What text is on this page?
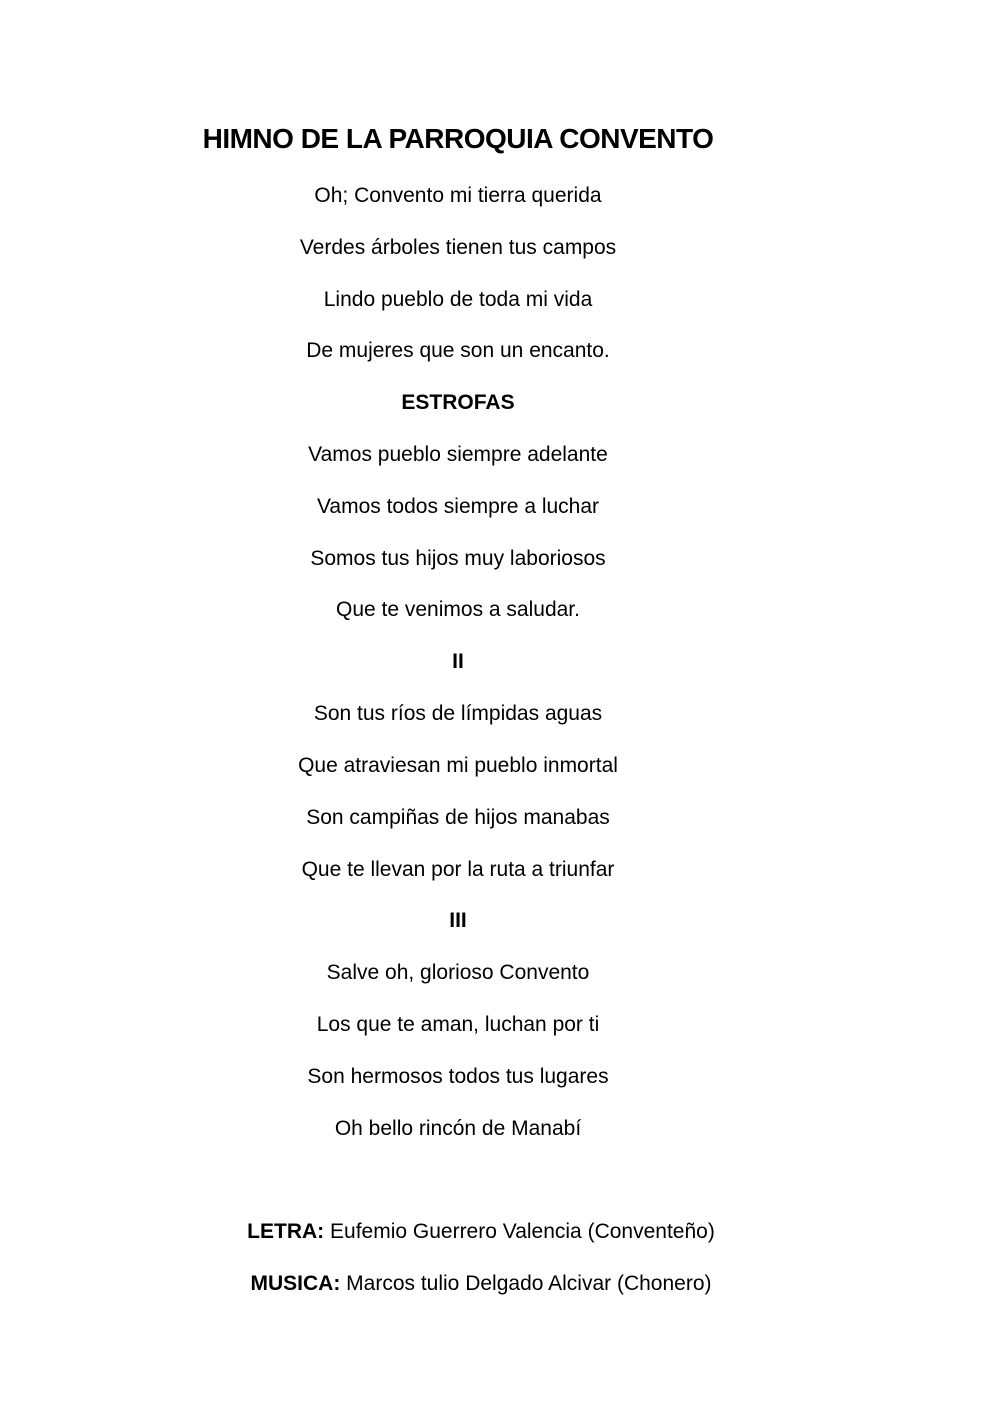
HIMNO DE LA PARROQUIA CONVENTO
Oh; Convento mi tierra querida
Verdes árboles tienen tus campos
Lindo pueblo de toda mi vida
De mujeres que son un encanto.
ESTROFAS
Vamos pueblo siempre adelante
Vamos todos siempre a luchar
Somos tus hijos muy laboriosos
Que te venimos a saludar.
II
Son tus ríos de límpidas aguas
Que atraviesan mi pueblo inmortal
Son campiñas de hijos manabas
Que te llevan por la ruta a triunfar
III
Salve oh, glorioso Convento
Los que te aman, luchan por ti
Son hermosos todos tus lugares
Oh bello rincón de Manabí
LETRA: Eufemio Guerrero Valencia (Conventeño)
MUSICA: Marcos tulio Delgado Alcivar (Chonero)
